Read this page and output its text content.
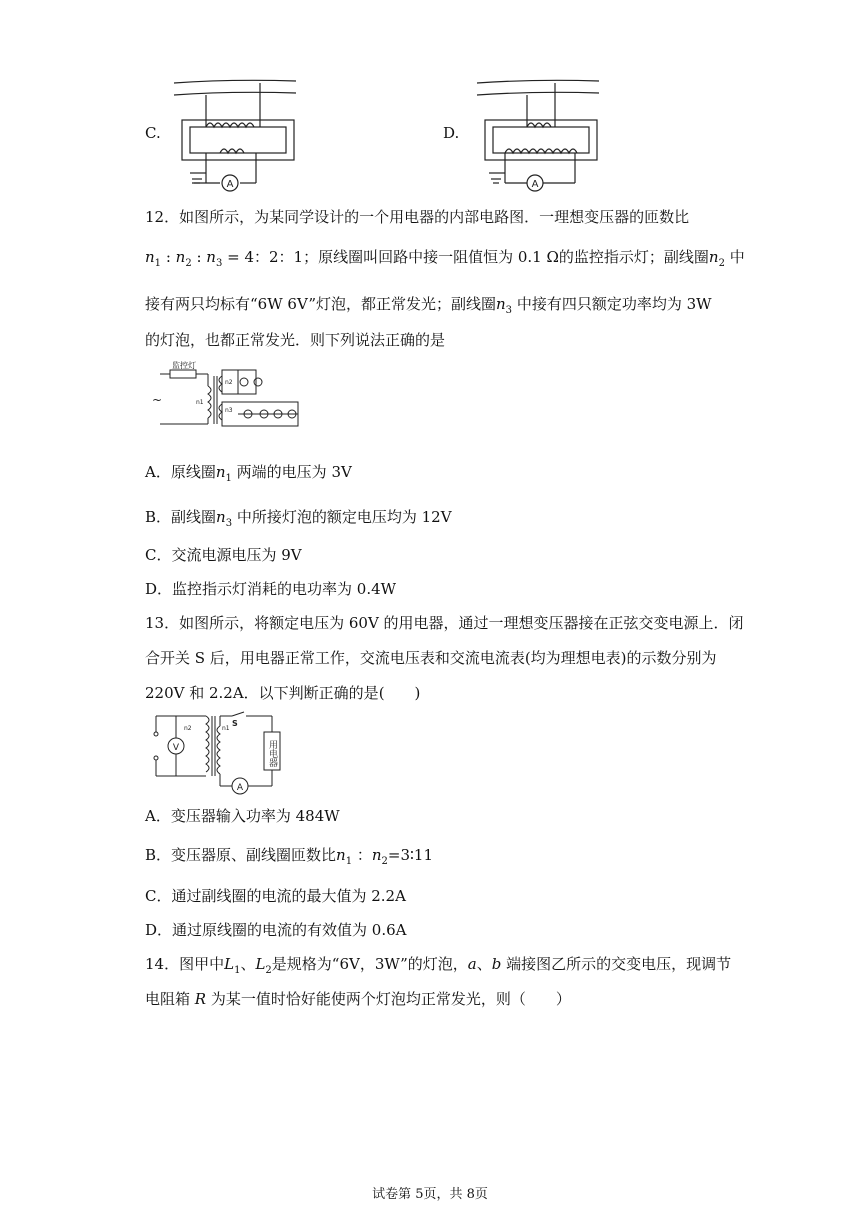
C.
A
D.
A
12．如图所示，为某同学设计的一个用电器的内部电路图．一理想变压器的匝数比
$n_1$ : $n_2$ : $n_3 = 4$：2：1；原线圈叫回路中接一阻值恒为 0.1 Ω的监控指示灯；副线圈$n_2$ 中
接有两只均标有“6W 6V”灯泡，都正常发光；副线圈$n_3$ 中接有四只额定功率均为 3W
的灯泡，也都正常发光．则下列说法正确的是
监控灯
~	n1
n2
n3
A．原线圈$n_1$ 两端的电压为 3V
B．副线圈$n_3$ 中所接灯泡的额定电压均为 12V
C．交流电源电压为 9V
D．监控指示灯消耗的电功率为 0.4W
13．如图所示，将额定电压为 60V 的用电器，通过一理想变压器接在正弦交变电源上．闭
合开关 S 后，用电器正常工作，交流电压表和交流电流表(均为理想电表)的示数分别为
220V 和 2.2A．以下判断正确的是(　　)
V
A
S
n2	n1
用电器
A．变压器输入功率为 484W
B．变压器原、副线圈匝数比$n_1$ ：$n_2=3∶11$
C．通过副线圈的电流的最大值为 2.2A
D．通过原线圈的电流的有效值为 0.6A
14．图甲中$L_1$、$L_2$是规格为“6V，3W”的灯泡，a、b 端接图乙所示的交变电压，现调节
电阻箱 R 为某一值时恰好能使两个灯泡均正常发光，则（　　）
试卷第 5页，共 8页
